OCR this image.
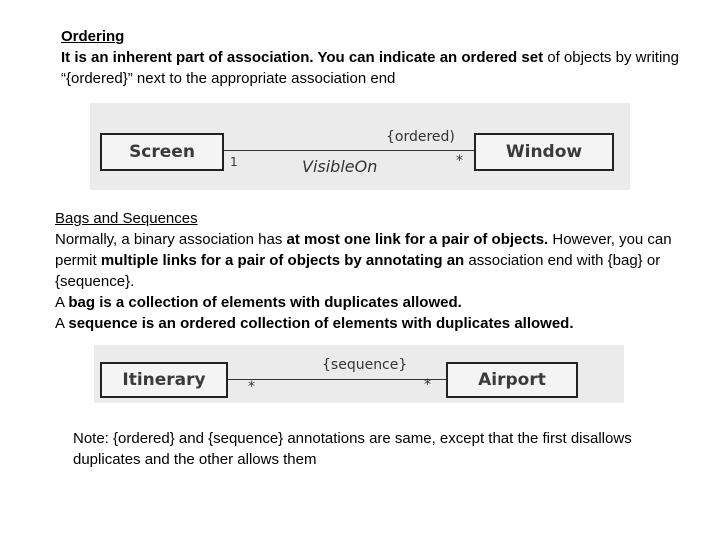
Ordering
It is an inherent part of association. You can indicate an ordered set of objects by writing “{ordered}” next to the appropriate association end
Screen	Window
{ordered)
VisibleOn
1	*
Bags and Sequences
Normally, a binary association has at most one link for a pair of objects. However, you can permit multiple links for a pair of objects by annotating an association end with {bag} or {sequence}.
A bag is a collection of elements with duplicates allowed.
A sequence is an ordered collection of elements with duplicates allowed.
Itinerary	Airport
{sequence}
*	*
Note: {ordered} and {sequence} annotations are same, except that the first disallows duplicates and the other allows them
